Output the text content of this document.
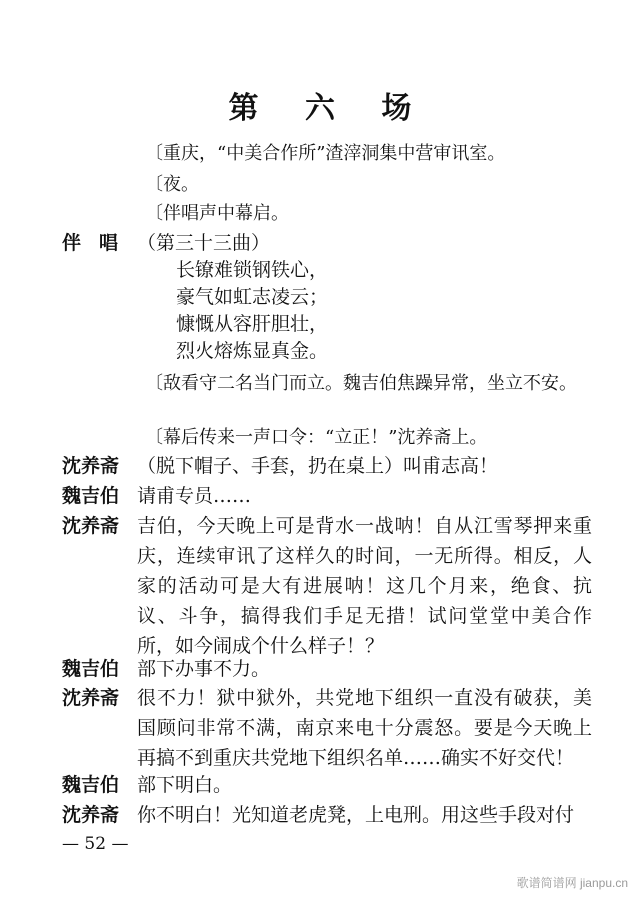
第 六 场
〔重庆，“中美合作所”渣滓洞集中营审讯室。
〔夜。
〔伴唱声中幕启。
伴唱 （第三十三曲）
长镣难锁钢铁心，
豪气如虹志凌云；
慷慨从容肝胆壮，
烈火熔炼显真金。
〔敌看守二名当门而立。魏吉伯焦躁异常，坐立不安。
〔幕后传来一声口令：“立正！”沈养斋上。
沈养斋 （脱下帽子、手套，扔在桌上）叫甫志高！
魏吉伯 请甫专员……
沈养斋 吉伯，今天晚上可是背水一战呐！自从江雪琴押来重庆，连续审讯了这样久的时间，一无所得。相反，人家的活动可是大有进展呐！这几个月来，绝食、抗议、斗争，搞得我们手足无措！试问堂堂中美合作所，如今闹成个什么样子！？
魏吉伯 部下办事不力。
沈养斋 很不力！狱中狱外，共党地下组织一直没有破获，美国顾问非常不满，南京来电十分震怒。要是今天晚上再搞不到重庆共党地下组织名单……确实不好交代！
魏吉伯 部下明白。
沈养斋 你不明白！光知道老虎凳，上电刑。用这些手段对付
— 52 —
歌谱简谱网 jianpu.cn
